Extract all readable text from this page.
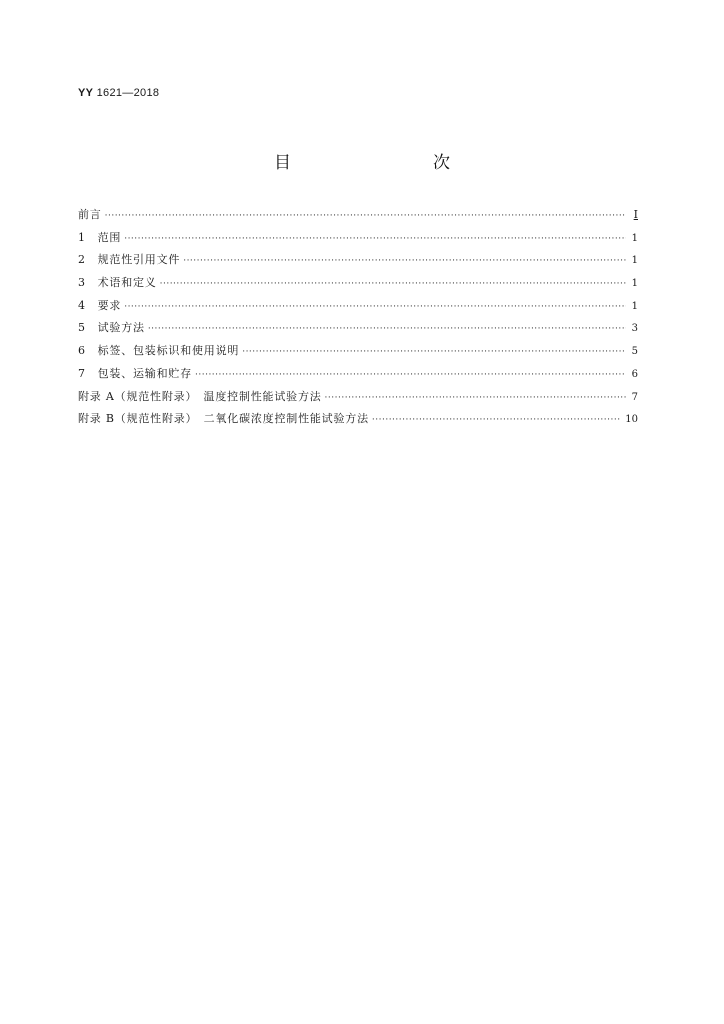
YY 1621—2018
目　　次
前言 ·····	Ⅰ
1　范围 ·····	1
2　规范性引用文件 ·····	1
3　术语和定义 ·····	1
4　要求 ·····	1
5　试验方法 ·····	3
6　标签、包装标识和使用说明 ·····	5
7　包装、运输和贮存 ·····	6
附录 A（规范性附录）　温度控制性能试验方法 ·····	7
附录 B（规范性附录）　二氧化碳浓度控制性能试验方法 ·····	10
